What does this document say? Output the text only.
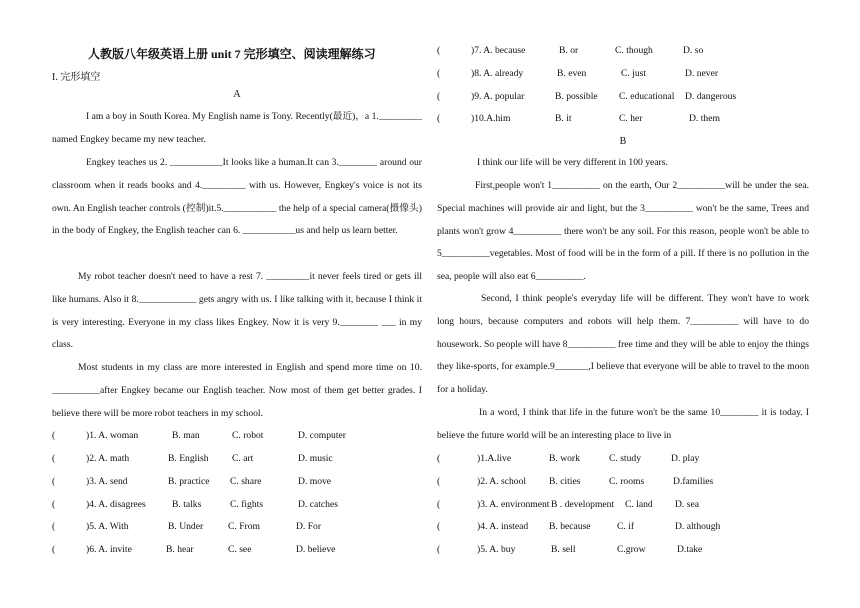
人教版八年级英语上册 unit 7 完形填空、阅读理解练习
I. 完形填空
A
I am a boy in South Korea. My English name is Tony. Recently(最近)，a 1._________ named Engkey became my new teacher.
Engkey teaches us 2. ___________It looks like a human.It can 3.________ around our classroom when it reads books and 4._________ with us. However, Engkey's voice is not its own. An English teacher controls (控制)it.5.___________ the help of a special camera(摄像头) in the body of Engkey, the English teacher can 6. ___________us and help us learn better.
My robot teacher doesn't need to have a rest 7. _________it never feels tired or gets ill like humans. Also it 8.____________ gets angry with us. I like talking with it, because I think it is very interesting. Everyone in my class likes Engkey. Now it is very 9.________ ___ in my class.
Most students in my class are more interested in English and spend more time on 10. __________after Engkey became our English teacher. Now most of them get better grades. I believe there will be more robot teachers in my school.
(	)1. A. woman	B. man	C. robot	D. computer
(	)2. A. math	B. English C. art	D. music
(	)3. A. send	B. practice C. share	D. move
(	)4. A. disagrees	B. talks	C. fights	D. catches
(	)5. A. With	B. Under	C. From	D. For
(	)6. A. invite	B. hear	C. see	D. believe
(	)7. A. because	B. or	C. though	D. so
(	)8. A. already	B. even	C. just	D. never
(	)9. A. popular	B. possible C. educational D. dangerous
(	)10.A.him	B. it	C. her	D. them
B
I think our life will be very different in 100 years.
First,people won't 1__________ on the earth, Our 2__________will be under the sea. Special machines will provide air and light, but the 3__________ won't be the same, Trees and plants won't grow 4__________ there won't be any soil. For this reason, people won't be able to 5__________vegetables. Most of food will be in the form of a pill. If there is no pollution in the sea, people will also eat 6__________.
Second, I think people's everyday life will be different. They won't have to work long hours, because computers and robots will help them. 7__________ will have to do housework. So people will have 8__________ free time and they will be able to enjoy the things they like-sports, for example.9_______,I believe that everyone will be able to travel to the moon for a holiday.
In a word, I think that life in the future won't be the same 10________ it is today. I believe the future world will be an interesting place to live in
(	)1.A.live	B. work	C. study	D. play
(	)2. A. school B. cities	C. rooms	D.families
(	)3. A. environment B . development C. land D. sea
(	)4. A. instead B. because	C. if	D. although
(	)5. A. buy	B. sell	C.grow	D.take
